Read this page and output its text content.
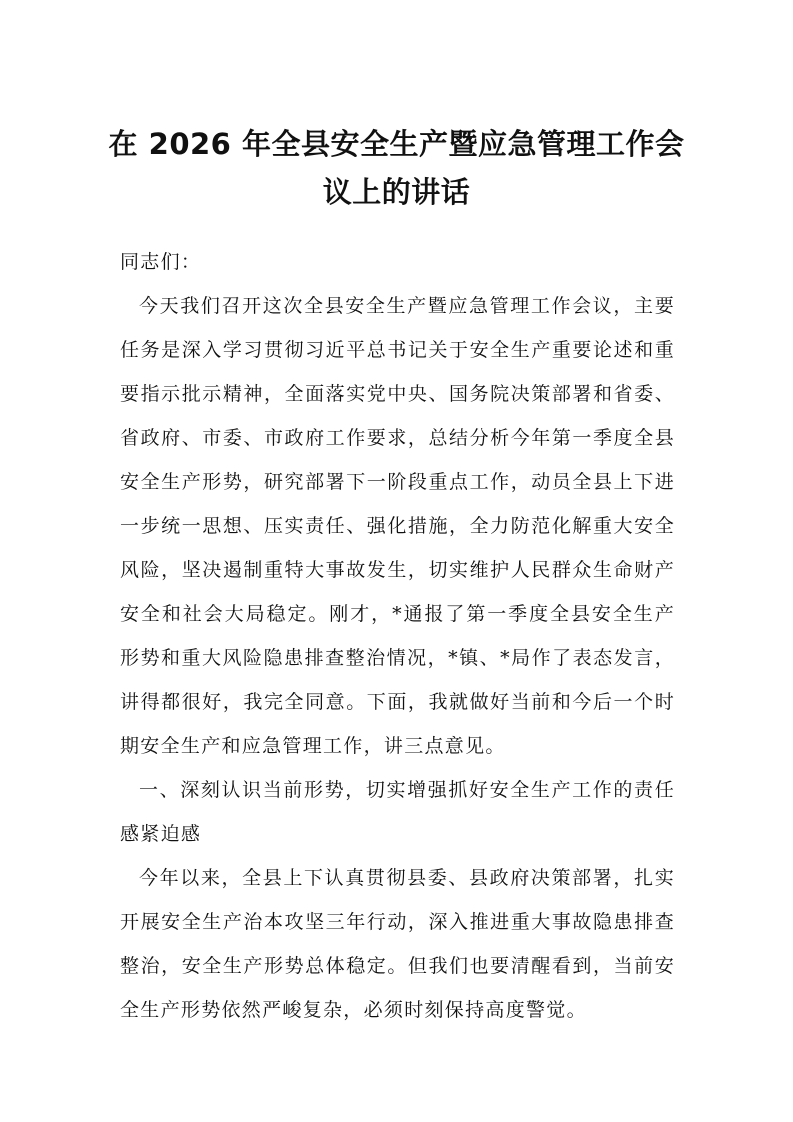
在 2026 年全县安全生产暨应急管理工作会
议上的讲话

同志们：

今天我们召开这次全县安全生产暨应急管理工作会议，主要任务是深入学习贯彻习近平总书记关于安全生产重要论述和重要指示批示精神，全面落实党中央、国务院决策部署和省委、省政府、市委、市政府工作要求，总结分析今年第一季度全县安全生产形势，研究部署下一阶段重点工作，动员全县上下进一步统一思想、压实责任、强化措施，全力防范化解重大安全风险，坚决遏制重特大事故发生，切实维护人民群众生命财产安全和社会大局稳定。刚才，*通报了第一季度全县安全生产形势和重大风险隐患排查整治情况，*镇、*局作了表态发言，讲得都很好，我完全同意。下面，我就做好当前和今后一个时期安全生产和应急管理工作，讲三点意见。

一、深刻认识当前形势，切实增强抓好安全生产工作的责任感紧迫感

今年以来，全县上下认真贯彻县委、县政府决策部署，扎实开展安全生产治本攻坚三年行动，深入推进重大事故隐患排查整治，安全生产形势总体稳定。但我们也要清醒看到，当前安全生产形势依然严峻复杂，必须时刻保持高度警觉。
